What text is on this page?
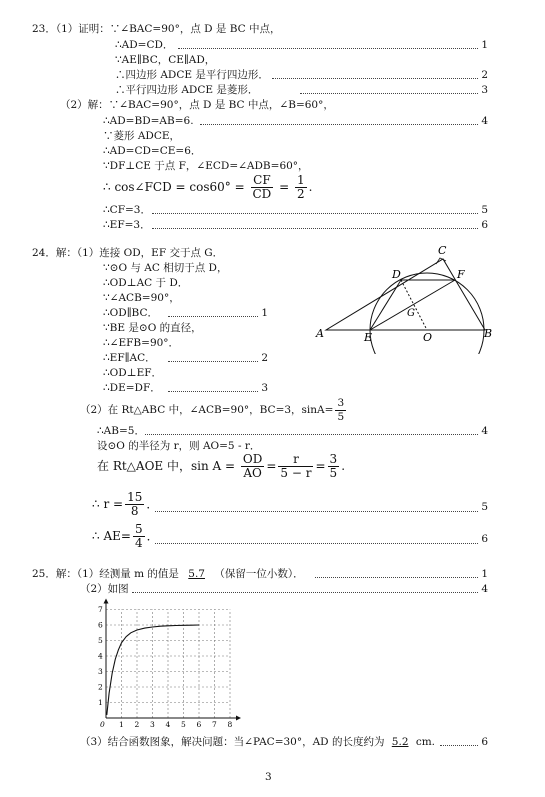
23．（1）证明：∵∠BAC=90°，点 D 是 BC 中点，
∴AD=CD．	1
∵AE∥BC，CE∥AD，
∴四边形 ADCE 是平行四边形．	2
∴平行四边形 ADCE 是菱形．	3
（2）解：∵∠BAC=90°，点 D 是 BC 中点，∠B=60°，
∴AD=BD=AB=6.	4
∵菱形 ADCE，
∴AD=CD=CE=6．
∵DF⊥CE 于点 F，∠ECD=∠ADB=60°，
∴ cos∠FCD = $\cos 60^\circ = \frac{CF}{CD} = \frac{1}{2}$ .
∴CF=3．	5
∴EF=3．	6
24．解：（1）连接 OD，EF 交于点 G．
∵⊙O 与 AC 相切于点 D，
∴OD⊥AC 于 D．
∵∠ACB=90°，
∴OD∥BC．	1
∵BE 是⊙O 的直径，
∴∠EFB=90°．
∴EF∥AC．	2
∴OD⊥EF．
∴DE=DF．	3
A	E	O	B
D	F
C
G
（2）在 Rt△ABC 中，∠ACB=90°，BC=3，$\sin A= \frac{3}{5}$
∴AB=5．	4
设⊙O 的半径为 r，则 AO=5 - r．
在 Rt△AOE 中，$\sin A = \frac{OD}{AO} = \frac{r}{5 - r} = \frac{3}{5}$ .
∴ $r = \frac{15}{8}$ ．	5
∴ $AE= \frac{5}{4}$ ．	6
25．解：（1）经测量 m 的值是 5.7 （保留一位小数）．	1
（2）如图	4
0 1 2 3 4 5 6 7 8
1
2
3
4
5
6
7
（3）结合函数图象，解决问题：当∠PAC=30°，AD 的长度约为 5.2 cm.	6
3
